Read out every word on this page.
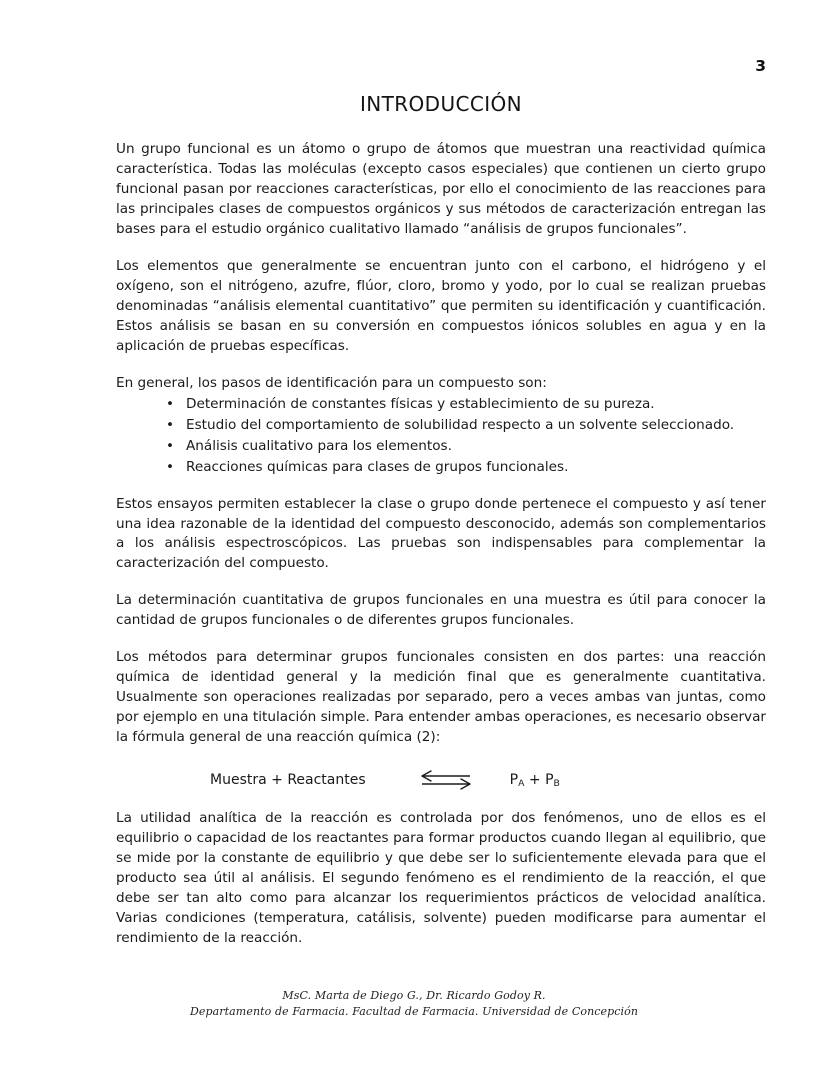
3
INTRODUCCIÓN

Un grupo funcional es un átomo o grupo de átomos que muestran una reactividad química característica. Todas las moléculas (excepto casos especiales) que contienen un cierto grupo funcional pasan por reacciones características, por ello el conocimiento de las reacciones para las principales clases de compuestos orgánicos y sus métodos de caracterización entregan las bases para el estudio orgánico cualitativo llamado “análisis de grupos funcionales”.

Los elementos que generalmente se encuentran junto con el carbono, el hidrógeno y el oxígeno, son el nitrógeno, azufre, flúor, cloro, bromo y yodo, por lo cual se realizan pruebas denominadas “análisis elemental cuantitativo” que permiten su identificación y cuantificación. Estos análisis se basan en su conversión en compuestos iónicos solubles en agua y en la aplicación de pruebas específicas.

En general, los pasos de identificación para un compuesto son:

• Determinación de constantes físicas y establecimiento de su pureza.
• Estudio del comportamiento de solubilidad respecto a un solvente seleccionado.
• Análisis cualitativo para los elementos.
• Reacciones químicas para clases de grupos funcionales.

Estos ensayos permiten establecer la clase o grupo donde pertenece el compuesto y así tener una idea razonable de la identidad del compuesto desconocido, además son complementarios a los análisis espectroscópicos. Las pruebas son indispensables para complementar la caracterización del compuesto.

La determinación cuantitativa de grupos funcionales en una muestra es útil para conocer la cantidad de grupos funcionales o de diferentes grupos funcionales.

Los métodos para determinar grupos funcionales consisten en dos partes: una reacción química de identidad general y la medición final que es generalmente cuantitativa. Usualmente son operaciones realizadas por separado, pero a veces ambas van juntas, como por ejemplo en una titulación simple. Para entender ambas operaciones, es necesario observar la fórmula general de una reacción química (2):

Muestra + Reactantes	$P_A + P_B$

La utilidad analítica de la reacción es controlada por dos fenómenos, uno de ellos es el equilibrio o capacidad de los reactantes para formar productos cuando llegan al equilibrio, que se mide por la constante de equilibrio y que debe ser lo suficientemente elevada para que el producto sea útil al análisis. El segundo fenómeno es el rendimiento de la reacción, el que debe ser tan alto como para alcanzar los requerimientos prácticos de velocidad analítica. Varias condiciones (temperatura, catálisis, solvente) pueden modificarse para aumentar el rendimiento de la reacción.

MsC. Marta de Diego G., Dr. Ricardo Godoy R.
Departamento de Farmacia. Facultad de Farmacia. Universidad de Concepción
